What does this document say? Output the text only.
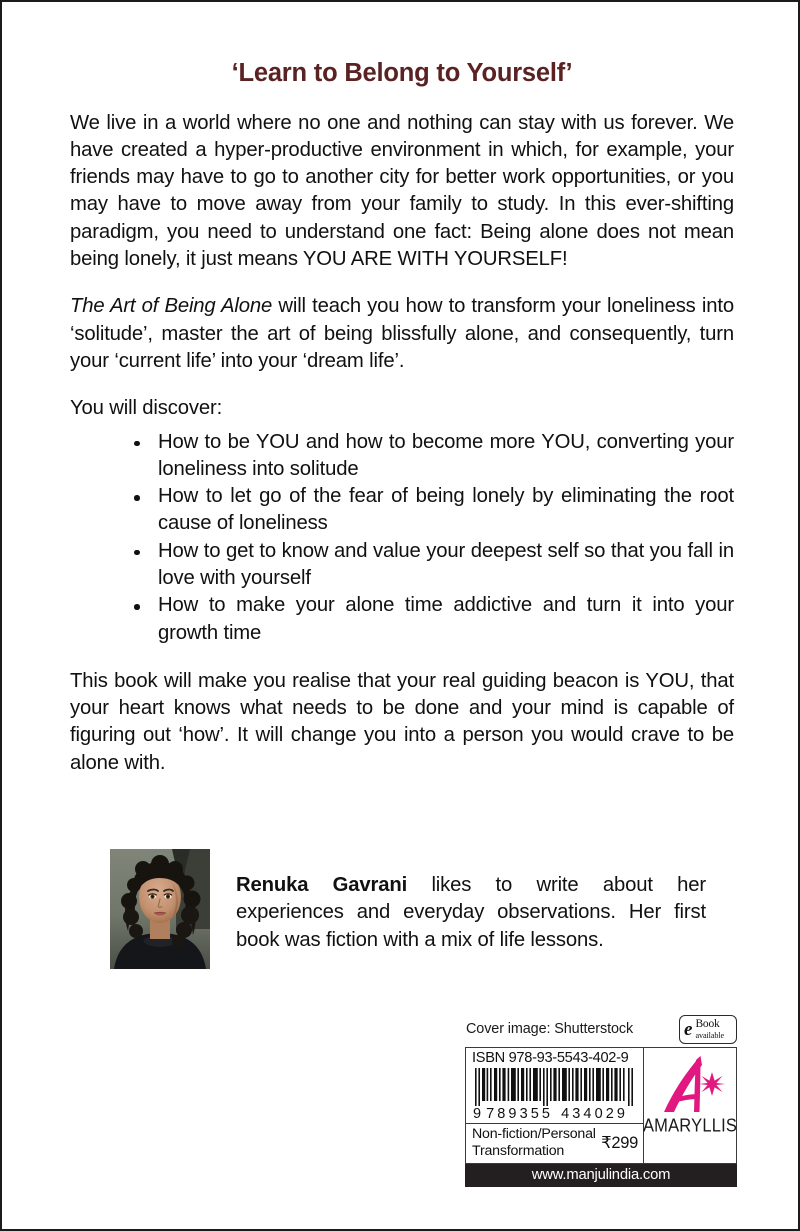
‘Learn to Belong to Yourself’

We live in a world where no one and nothing can stay with us forever. We have created a hyper-productive environment in which, for example, your friends may have to go to another city for better work opportunities, or you may have to move away from your family to study. In this ever-shifting paradigm, you need to understand one fact: Being alone does not mean being lonely, it just means YOU ARE WITH YOURSELF!

The Art of Being Alone will teach you how to transform your loneliness into ‘solitude’, master the art of being blissfully alone, and consequently, turn your ‘current life’ into your ‘dream life’.

You will discover:

How to be YOU and how to become more YOU, converting your loneliness into solitude
How to let go of the fear of being lonely by eliminating the root cause of loneliness
How to get to know and value your deepest self so that you fall in love with yourself
How to make your alone time addictive and turn it into your growth time

This book will make you realise that your real guiding beacon is YOU, that your heart knows what needs to be done and your mind is capable of figuring out ‘how’. It will change you into a person you would crave to be alone with.

Renuka Gavrani likes to write about her experiences and everyday observations. Her first book was fiction with a mix of life lessons.
Cover image: Shutterstock	e Book
available
ISBN 978-93-5543-402-9
9 789355 434029
Non-fiction/Personal
Transformation	₹299
AMARYLLIS
www.manjulindia.com
